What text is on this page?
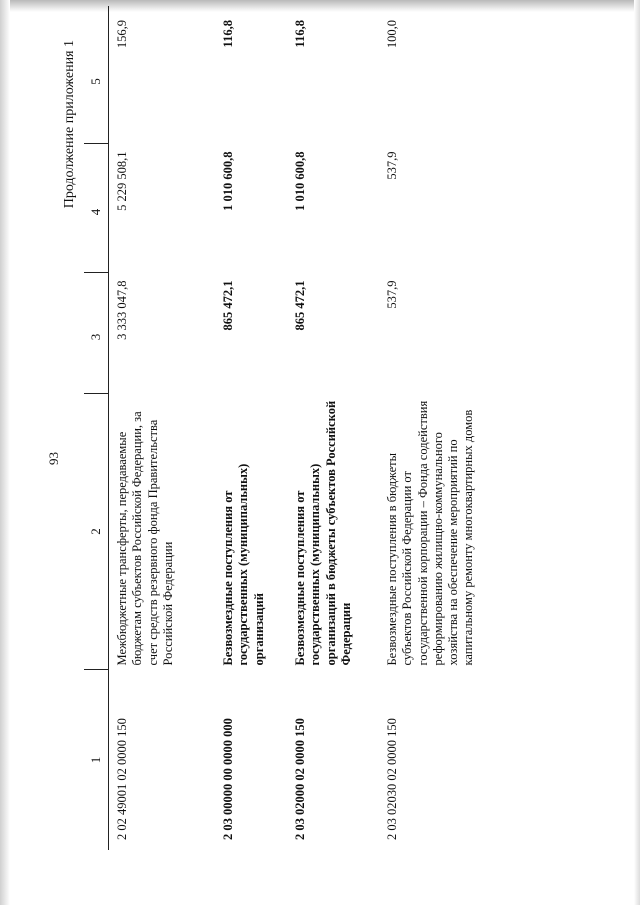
93
Продолжение приложения 1
1	2	3	4	5
2 02 49001 02 0000 150	Межбюджетные трансферты, передаваемые бюджетам субъектов Российской Федерации, за счет средств резервного фонда Правительства Российской Федерации	3 333 047,8	5 229 508,1	156,9
2 03 00000 00 0000 000	Безвозмездные поступления от государственных (муниципальных) организаций	865 472,1	1 010 600,8	116,8
2 03 02000 02 0000 150	Безвозмездные поступления от государственных (муниципальных) организаций в бюджеты субъектов Российской Федерации	865 472,1	1 010 600,8	116,8
2 03 02030 02 0000 150	Безвозмездные поступления в бюджеты субъектов Российской Федерации от государственной корпорации – Фонда содействия реформированию жилищно-коммунального хозяйства на обеспечение мероприятий по капитальному ремонту многоквартирных домов	537,9	537,9	100,0
